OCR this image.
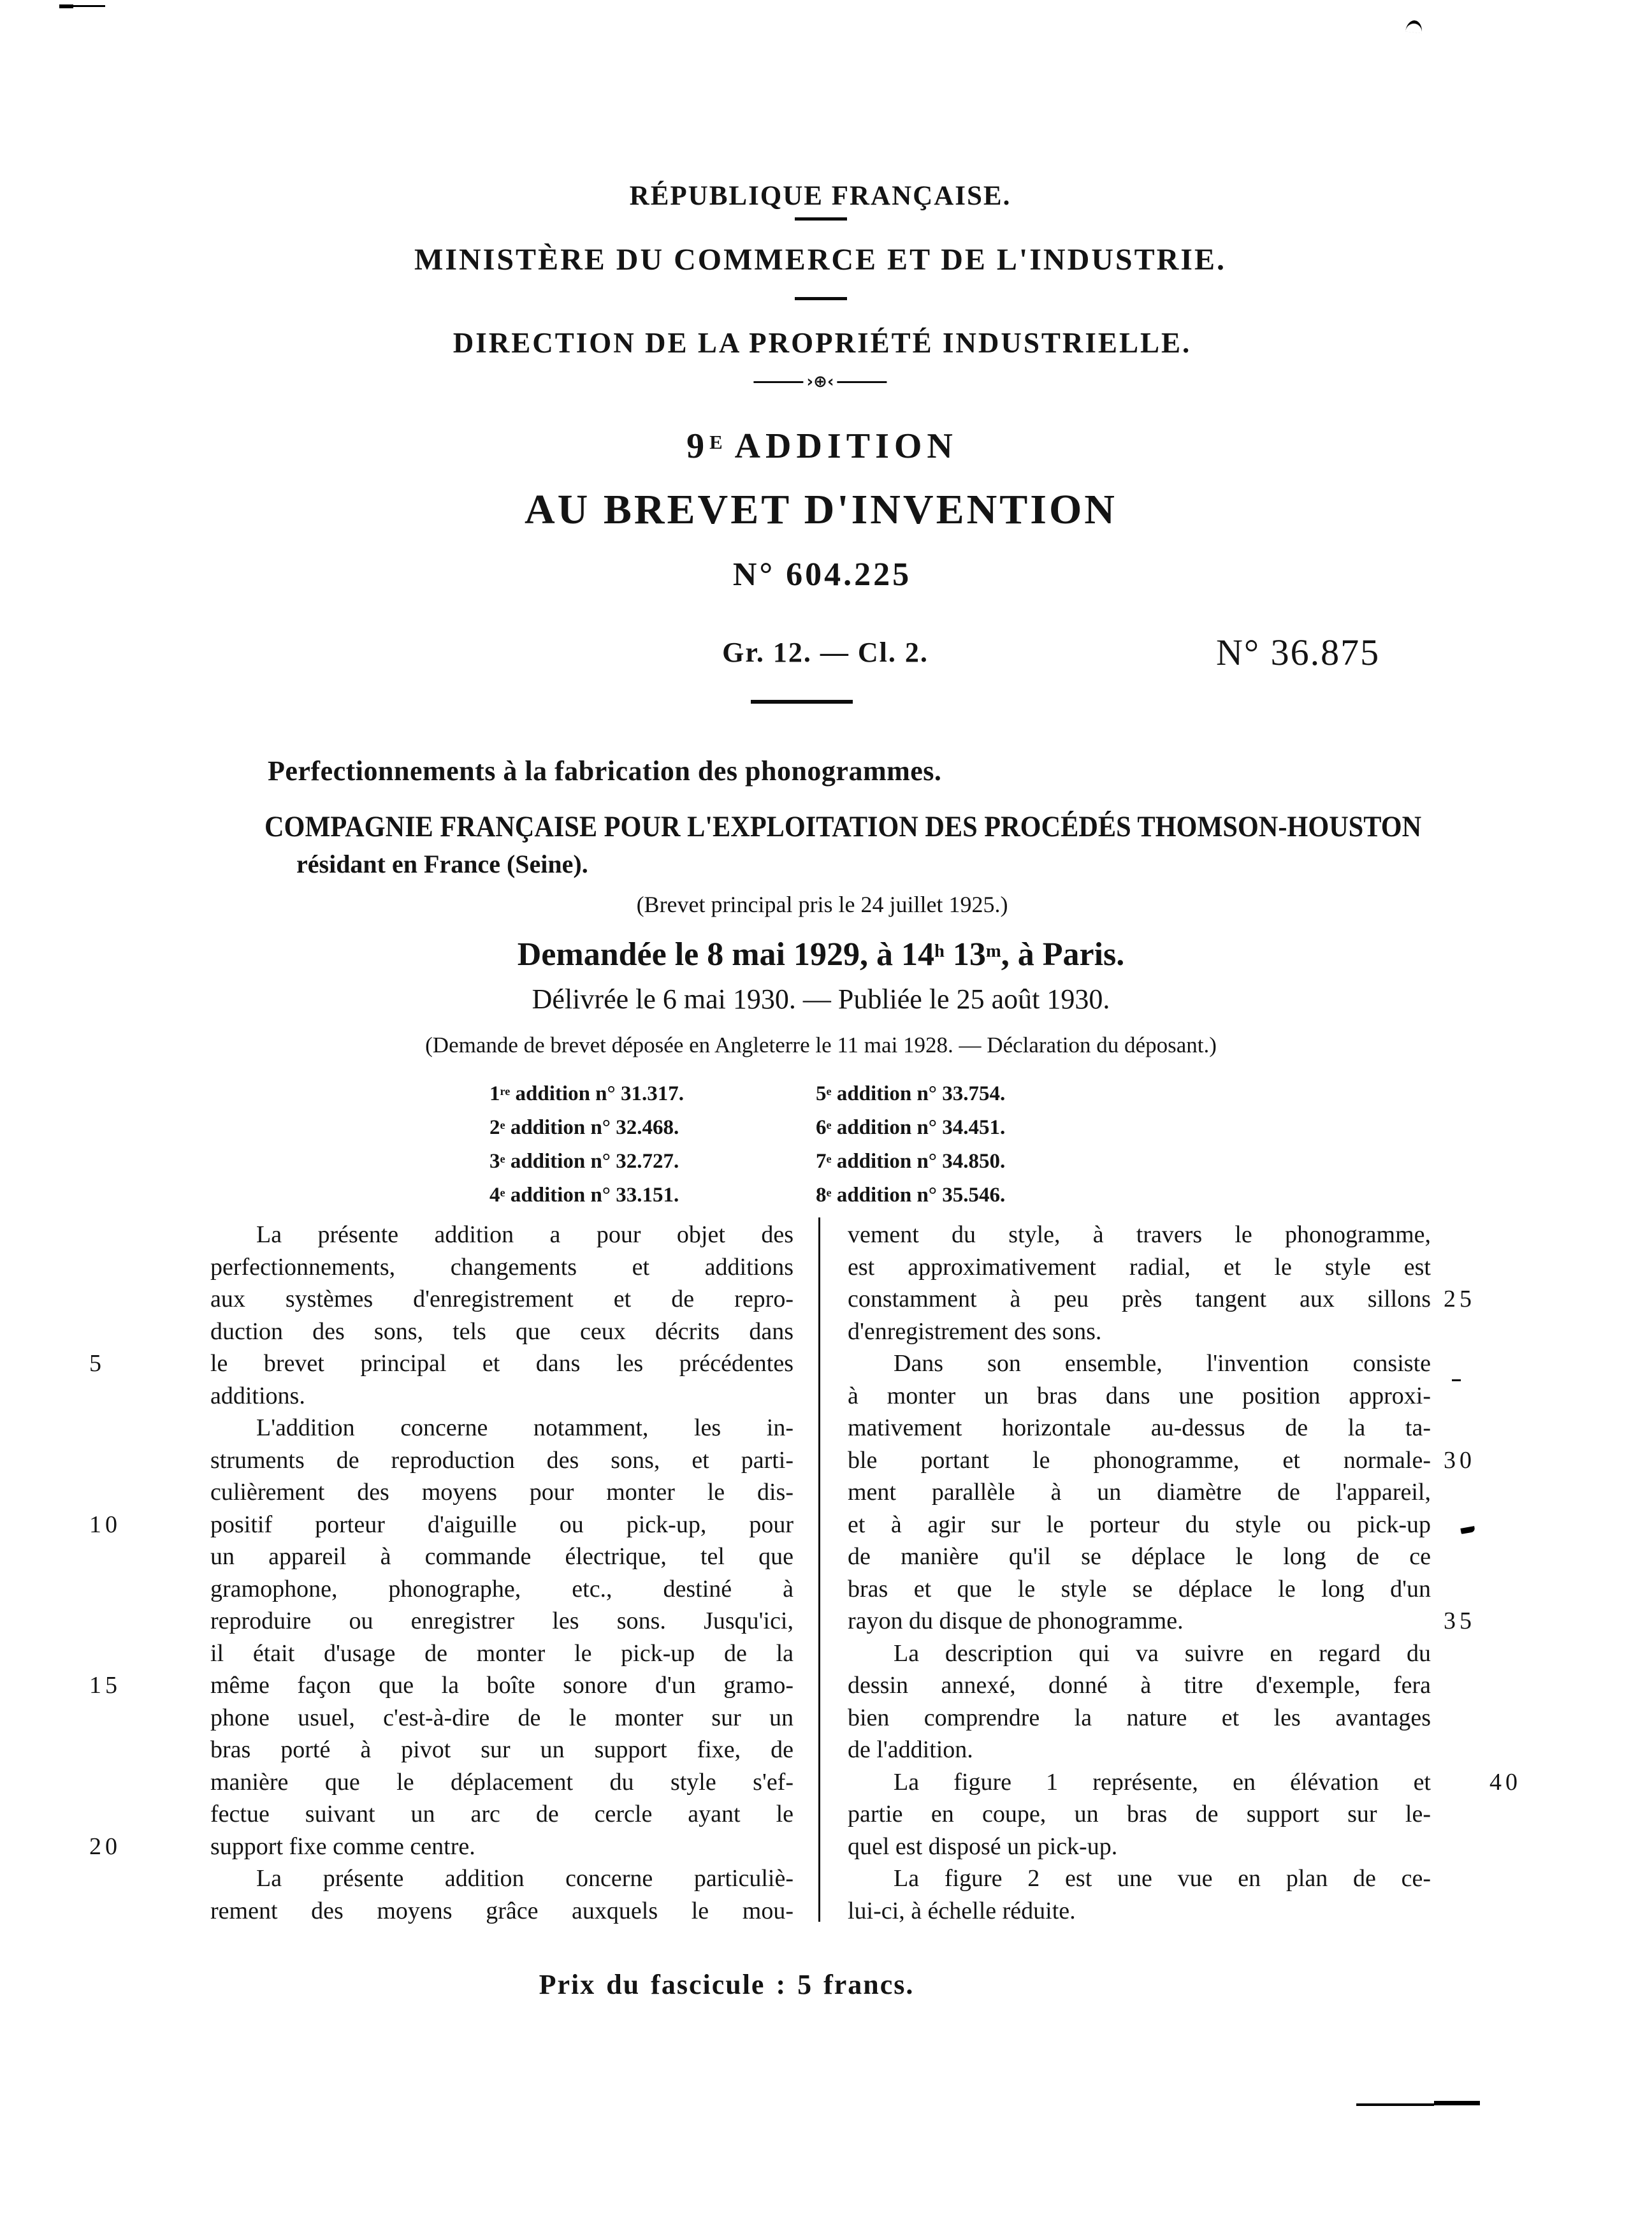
RÉPUBLIQUE FRANÇAISE.
MINISTÈRE DU COMMERCE ET DE L'INDUSTRIE.
DIRECTION DE LA PROPRIÉTÉ INDUSTRIELLE.
›⊕‹
$9^E$ ADDITION
AU BREVET D'INVENTION
N° 604.225
Gr. 12. — Cl. 2.	N° 36.875
Perfectionnements à la fabrication des phonogrammes.
COMPAGNIE FRANÇAISE POUR L'EXPLOITATION DES PROCÉDÉS THOMSON-HOUSTON
résidant en France (Seine).
(Brevet principal pris le 24 juillet 1925.)
Demandée le 8 mai 1929, à 14$^h$ 13$^m$, à Paris.
Délivrée le 6 mai 1930. — Publiée le 25 août 1930.
(Demande de brevet déposée en Angleterre le 11 mai 1928. — Déclaration du déposant.)
1re addition n° 31.317.
2e addition n° 32.468.
3e addition n° 32.727.
4e addition n° 33.151.
5e addition n° 33.754.
6e addition n° 34.451.
7e addition n° 34.850.
8e addition n° 35.546.
La présente addition a pour objet des
perfectionnements, changements et additions
aux systèmes d'enregistrement et de repro-
duction des sons, tels que ceux décrits dans
5	le brevet principal et dans les précédentes
additions.
L'addition concerne notamment, les in-
struments de reproduction des sons, et parti-
culièrement des moyens pour monter le dis-
10	positif porteur d'aiguille ou pick-up, pour
un appareil à commande électrique, tel que
gramophone, phonographe, etc., destiné à
reproduire ou enregistrer les sons. Jusqu'ici,
il était d'usage de monter le pick-up de la
15	même façon que la boîte sonore d'un gramo-
phone usuel, c'est-à-dire de le monter sur un
bras porté à pivot sur un support fixe, de
manière que le déplacement du style s'ef-
fectue suivant un arc de cercle ayant le
20	support fixe comme centre.
La présente addition concerne particuliè-
rement des moyens grâce auxquels le mou-
vement du style, à travers le phonogramme,
est approximativement radial, et le style est
25
constamment à peu près tangent aux sillons
d'enregistrement des sons.
Dans son ensemble, l'invention consiste
à monter un bras dans une position approxi-
mativement horizontale au-dessus de la ta-
30
ble portant le phonogramme, et normale-
ment parallèle à un diamètre de l'appareil,
et à agir sur le porteur du style ou pick-up
de manière qu'il se déplace le long de ce
bras et que le style se déplace le long d'un
35
rayon du disque de phonogramme.
La description qui va suivre en regard du
dessin annexé, donné à titre d'exemple, fera
bien comprendre la nature et les avantages
de l'addition.
40
La figure 1 représente, en élévation et
partie en coupe, un bras de support sur le-
quel est disposé un pick-up.
La figure 2 est une vue en plan de ce-
lui-ci, à échelle réduite.
Prix du fascicule : 5 francs.
